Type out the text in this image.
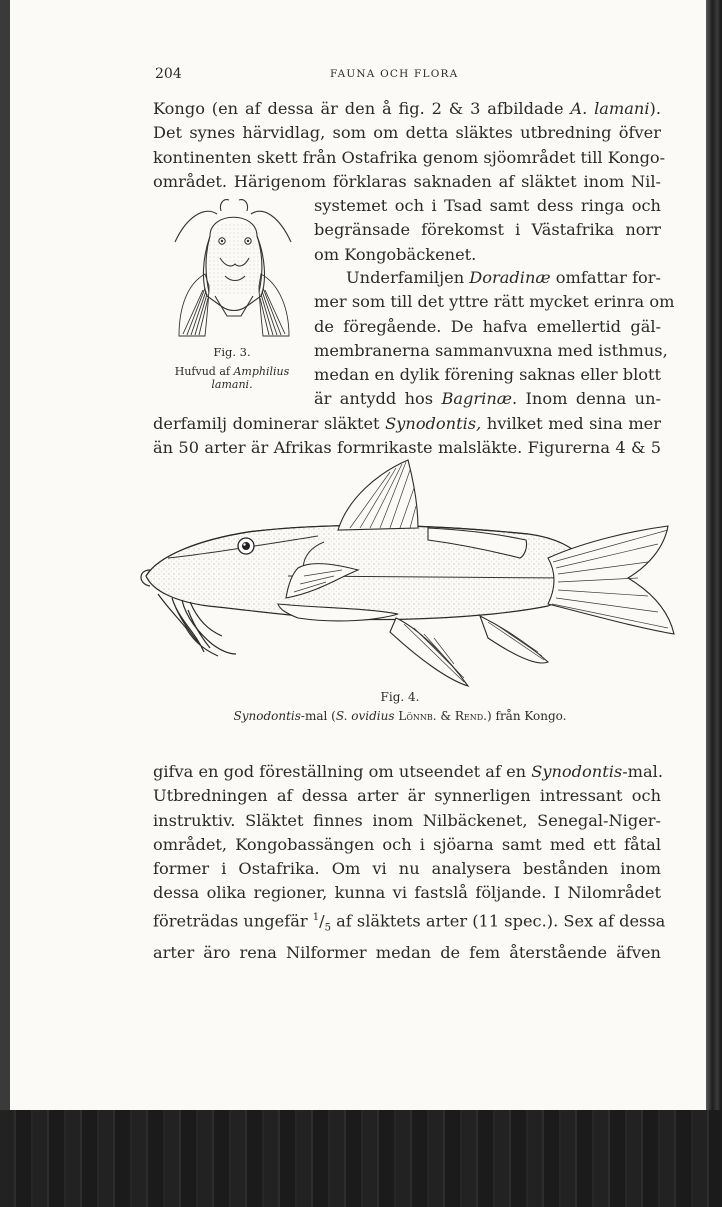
204	FAUNA OCH FLORA
Kongo (en af dessa är den å fig. 2 & 3 afbildade A. lamani).
Det synes härvidlag, som om detta släktes utbredning öfver
kontinenten skett från Ostafrika genom sjöområdet till Kongo-
området. Härigenom förklaras saknaden af släktet inom Nil-
systemet och i Tsad samt dess ringa och
begränsade förekomst i Västafrika norr
om Kongobäckenet.
Underfamiljen Doradinæ omfattar for-
mer som till det yttre rätt mycket erinra om
de föregående. De hafva emellertid gäl-
membranerna sammanvuxna med isthmus,
medan en dylik förening saknas eller blott
är antydd hos Bagrinæ. Inom denna un-
derfamilj dominerar släktet Synodontis, hvilket med sina mer
än 50 arter är Afrikas formrikaste malsläkte. Figurerna 4 & 5
Fig. 3.
Hufvud af Amphilius lamani.
Fig. 4.
Synodontis-mal (S. ovidius Lönnb. & Rend.) från Kongo.
gifva en god föreställning om utseendet af en Synodontis-mal.
Utbredningen af dessa arter är synnerligen intressant och
instruktiv. Släktet finnes inom Nilbäckenet, Senegal-Niger-
området, Kongobassängen och i sjöarna samt med ett fåtal
former i Ostafrika. Om vi nu analysera bestånden inom
dessa olika regioner, kunna vi fastslå följande. I Nilområdet
företrädas ungefär $^1/_5$ af släktets arter (11 spec.). Sex af dessa
arter äro rena Nilformer medan de fem återstående äfven
